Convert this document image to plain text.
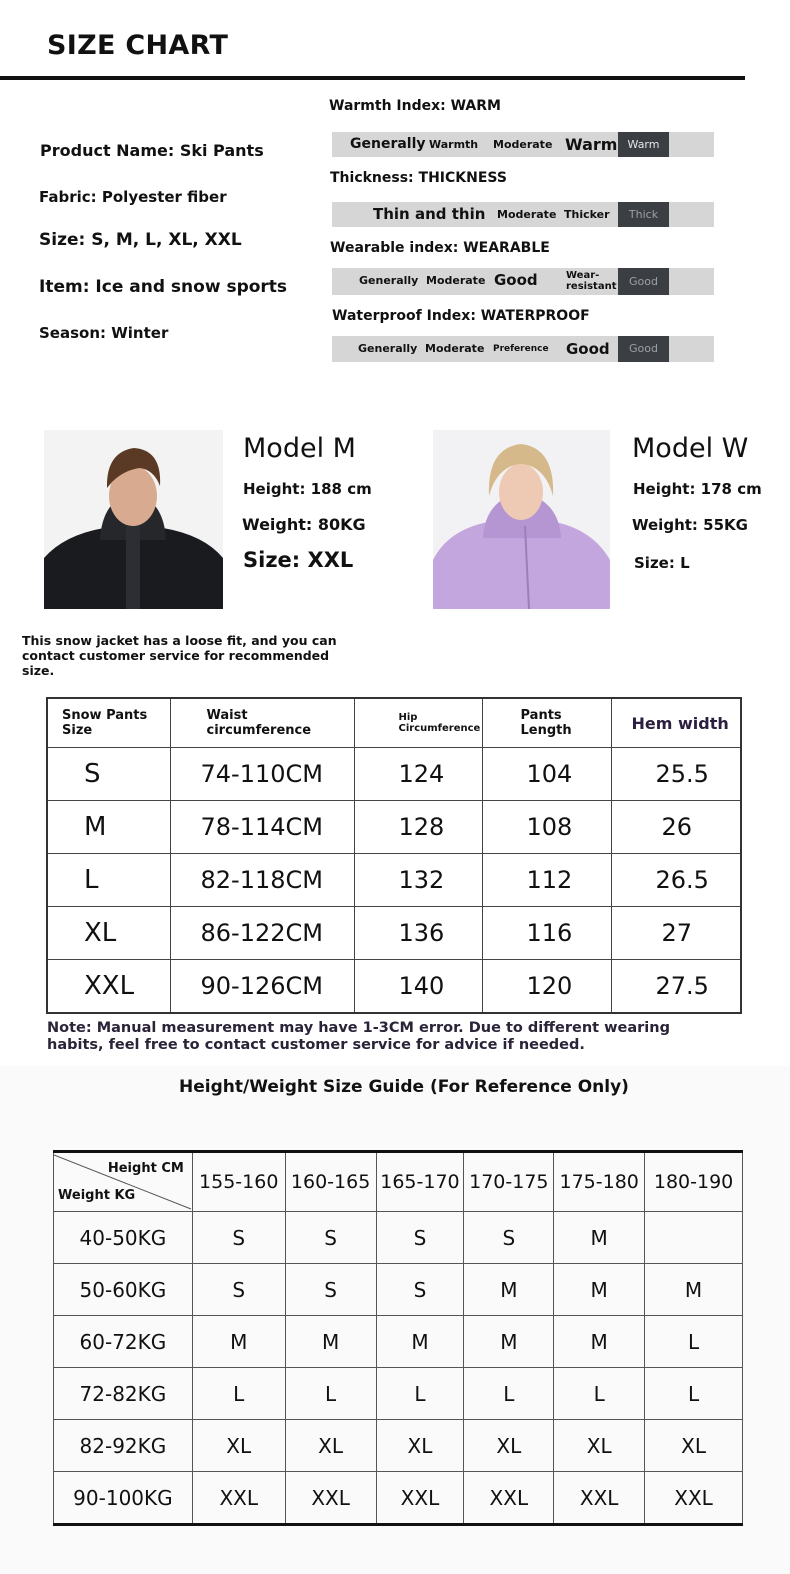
SIZE CHART
Product Name: Ski Pants
Fabric: Polyester fiber
Size: S, M, L, XL, XXL
Item: Ice and snow sports
Season: Winter
Warmth Index: WARM
Generally Warmth Moderate Warm Warm
Thickness: THICKNESS
Thin and thin Moderate Thicker	Thick
Wearable index: WEARABLE
Generally Moderate Good	Wear-
resistant	Good
Waterproof Index: WATERPROOF
Generally Moderate Preference Good	Good
Model M
Height: 188 cm
Weight: 80KG
Size: XXL
Model W
Height: 178 cm
Weight: 55KG
Size: L
This snow jacket has a loose fit, and you can contact customer service for recommended size.
Snow Pants Size	Waist circumference	Hip Circumference	Pants Length	Hem width
S	74-110CM	124	104	25.5
M	78-114CM	128	108	26
L	82-118CM	132	112	26.5
XL	86-122CM	136	116	27
XXL	90-126CM	140	120	27.5
Note: Manual measurement may have 1-3CM error. Due to different wearing habits, feel free to contact customer service for advice if needed.
Height/Weight Size Guide (For Reference Only)
Height CM
Weight KG	155-160	160-165	165-170	170-175	175-180	180-190
40-50KG	S	S	S	S	M	
50-60KG	S	S	S	M	M	M
60-72KG	M	M	M	M	M	L
72-82KG	L	L	L	L	L	L
82-92KG	XL	XL	XL	XL	XL	XL
90-100KG	XXL	XXL	XXL	XXL	XXL	XXL
